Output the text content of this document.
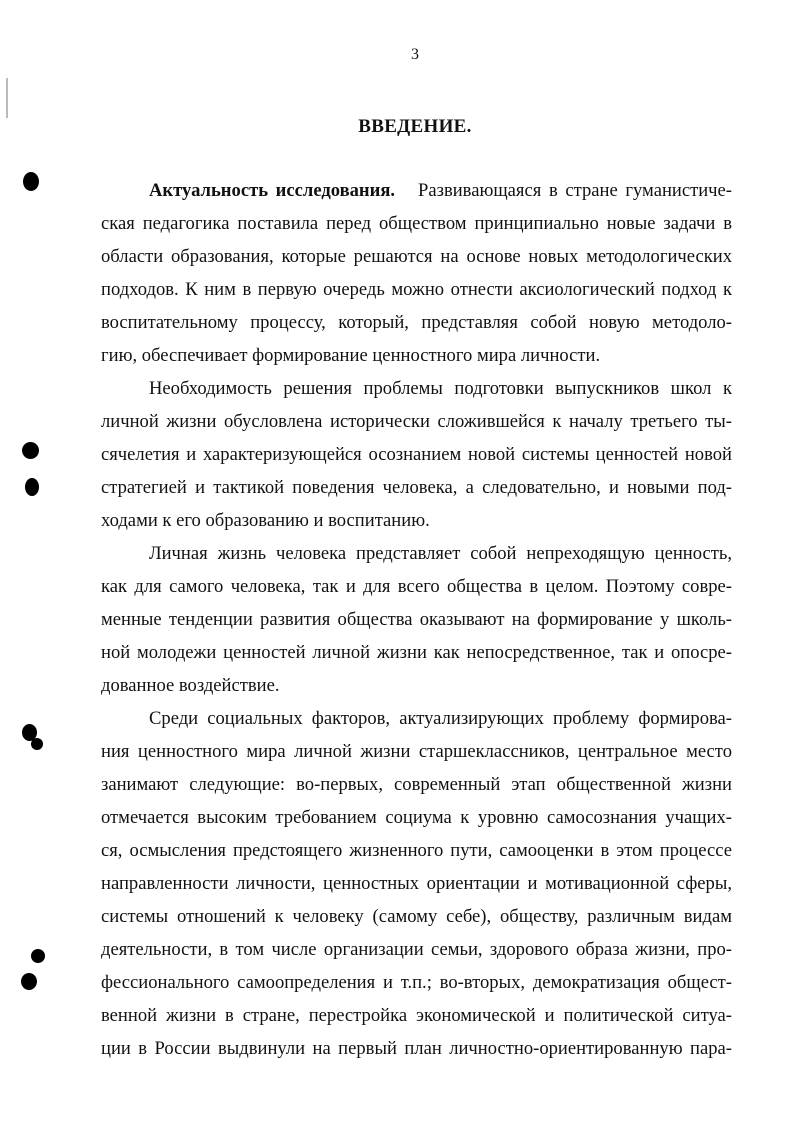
3
ВВЕДЕНИЕ.
Актуальность исследования. Развивающаяся в стране гуманистиче-
ская педагогика поставила перед обществом принципиально новые задачи в
области образования, которые решаются на основе новых методологических
подходов. К ним в первую очередь можно отнести аксиологический подход к
воспитательному процессу, который, представляя собой новую методоло-
гию, обеспечивает формирование ценностного мира личности.
Необходимость решения проблемы подготовки выпускников школ к
личной жизни обусловлена исторически сложившейся к началу третьего ты-
сячелетия и характеризующейся осознанием новой системы ценностей новой
стратегией и тактикой поведения человека, а следовательно, и новыми под-
ходами к его образованию и воспитанию.
Личная жизнь человека представляет собой непреходящую ценность,
как для самого человека, так и для всего общества в целом. Поэтому совре-
менные тенденции развития общества оказывают на формирование у школь-
ной молодежи ценностей личной жизни как непосредственное, так и опосре-
дованное воздействие.
Среди социальных факторов, актуализирующих проблему формирова-
ния ценностного мира личной жизни старшеклассников, центральное место
занимают следующие: во-первых, современный этап общественной жизни
отмечается высоким требованием социума к уровню самосознания учащих-
ся, осмысления предстоящего жизненного пути, самооценки в этом процессе
направленности личности, ценностных ориентации и мотивационной сферы,
системы отношений к человеку (самому себе), обществу, различным видам
деятельности, в том числе организации семьи, здорового образа жизни, про-
фессионального самоопределения и т.п.; во-вторых, демократизация общест-
венной жизни в стране, перестройка экономической и политической ситуа-
ции в России выдвинули на первый план личностно-ориентированную пара-
